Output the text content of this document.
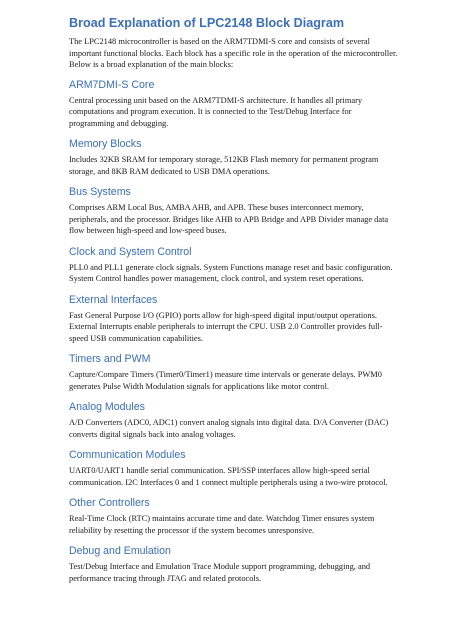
Broad Explanation of LPC2148 Block Diagram

The LPC2148 microcontroller is based on the ARM7TDMI-S core and consists of several important functional blocks. Each block has a specific role in the operation of the microcontroller. Below is a broad explanation of the main blocks:

ARM7DMI-S Core

Central processing unit based on the ARM7TDMI-S architecture. It handles all primary computations and program execution. It is connected to the Test/Debug Interface for programming and debugging.

Memory Blocks

Includes 32KB SRAM for temporary storage, 512KB Flash memory for permanent program storage, and 8KB RAM dedicated to USB DMA operations.

Bus Systems

Comprises ARM Local Bus, AMBA AHB, and APB. These buses interconnect memory, peripherals, and the processor. Bridges like AHB to APB Bridge and APB Divider manage data flow between high-speed and low-speed buses.

Clock and System Control

PLL0 and PLL1 generate clock signals. System Functions manage reset and basic configuration. System Control handles power management, clock control, and system reset operations.

External Interfaces

Fast General Purpose I/O (GPIO) ports allow for high-speed digital input/output operations. External Interrupts enable peripherals to interrupt the CPU. USB 2.0 Controller provides full-speed USB communication capabilities.

Timers and PWM

Capture/Compare Timers (Timer0/Timer1) measure time intervals or generate delays. PWM0 generates Pulse Width Modulation signals for applications like motor control.

Analog Modules

A/D Converters (ADC0, ADC1) convert analog signals into digital data. D/A Converter (DAC) converts digital signals back into analog voltages.

Communication Modules

UART0/UART1 handle serial communication. SPI/SSP interfaces allow high-speed serial communication. I2C Interfaces 0 and 1 connect multiple peripherals using a two-wire protocol.

Other Controllers

Real-Time Clock (RTC) maintains accurate time and date. Watchdog Timer ensures system reliability by resetting the processor if the system becomes unresponsive.

Debug and Emulation

Test/Debug Interface and Emulation Trace Module support programming, debugging, and performance tracing through JTAG and related protocols.
